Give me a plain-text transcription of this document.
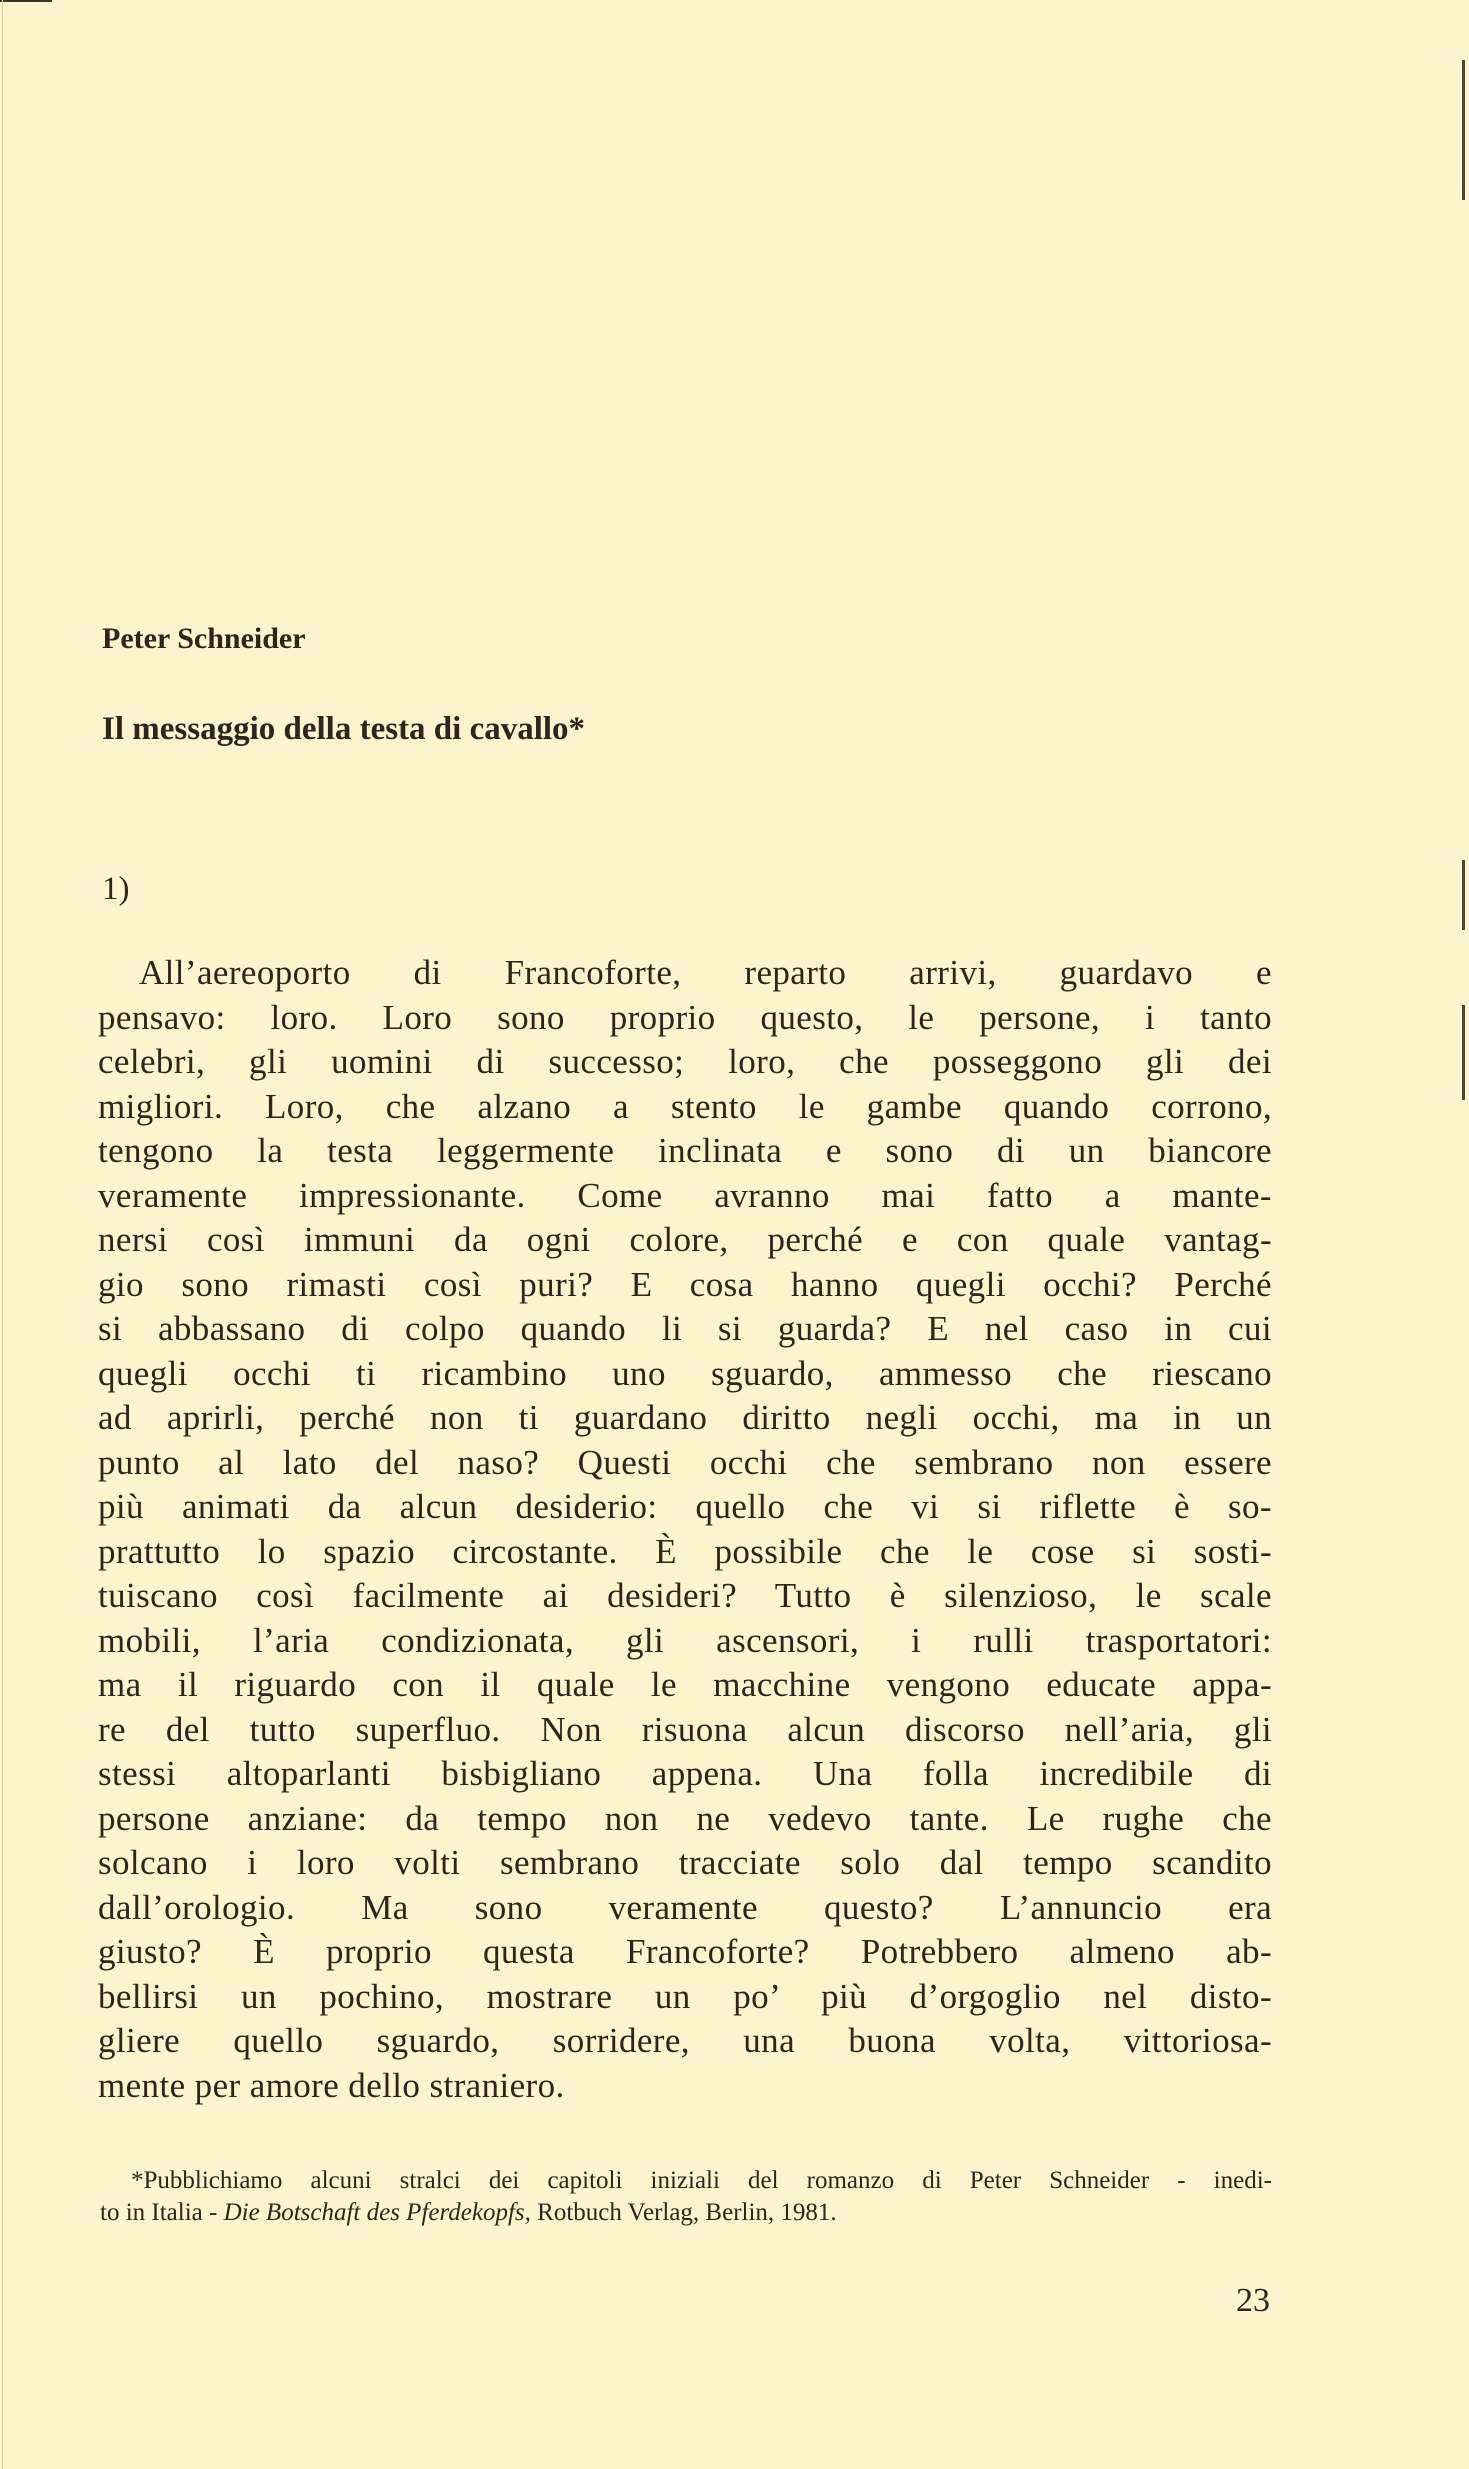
Peter Schneider
Il messaggio della testa di cavallo*

1)

All’aereoporto di Francoforte, reparto arrivi, guardavo e
pensavo: loro. Loro sono proprio questo, le persone, i tanto
celebri, gli uomini di successo; loro, che posseggono gli dei
migliori. Loro, che alzano a stento le gambe quando corrono,
tengono la testa leggermente inclinata e sono di un biancore
veramente impressionante. Come avranno mai fatto a mante-
nersi così immuni da ogni colore, perché e con quale vantag-
gio sono rimasti così puri? E cosa hanno quegli occhi? Perché
si abbassano di colpo quando li si guarda? E nel caso in cui
quegli occhi ti ricambino uno sguardo, ammesso che riescano
ad aprirli, perché non ti guardano diritto negli occhi, ma in un
punto al lato del naso? Questi occhi che sembrano non essere
più animati da alcun desiderio: quello che vi si riflette è so-
prattutto lo spazio circostante. È possibile che le cose si sosti-
tuiscano così facilmente ai desideri? Tutto è silenzioso, le scale
mobili, l’aria condizionata, gli ascensori, i rulli trasportatori:
ma il riguardo con il quale le macchine vengono educate appa-
re del tutto superfluo. Non risuona alcun discorso nell’aria, gli
stessi altoparlanti bisbigliano appena. Una folla incredibile di
persone anziane: da tempo non ne vedevo tante. Le rughe che
solcano i loro volti sembrano tracciate solo dal tempo scandito
dall’orologio. Ma sono veramente questo? L’annuncio era
giusto? È proprio questa Francoforte? Potrebbero almeno ab-
bellirsi un pochino, mostrare un po’ più d’orgoglio nel disto-
gliere quello sguardo, sorridere, una buona volta, vittoriosa-
mente per amore dello straniero.
*Pubblichiamo alcuni stralci dei capitoli iniziali del romanzo di Peter Schneider - inedi-
to in Italia - Die Botschaft des Pferdekopfs, Rotbuch Verlag, Berlin, 1981.

23
